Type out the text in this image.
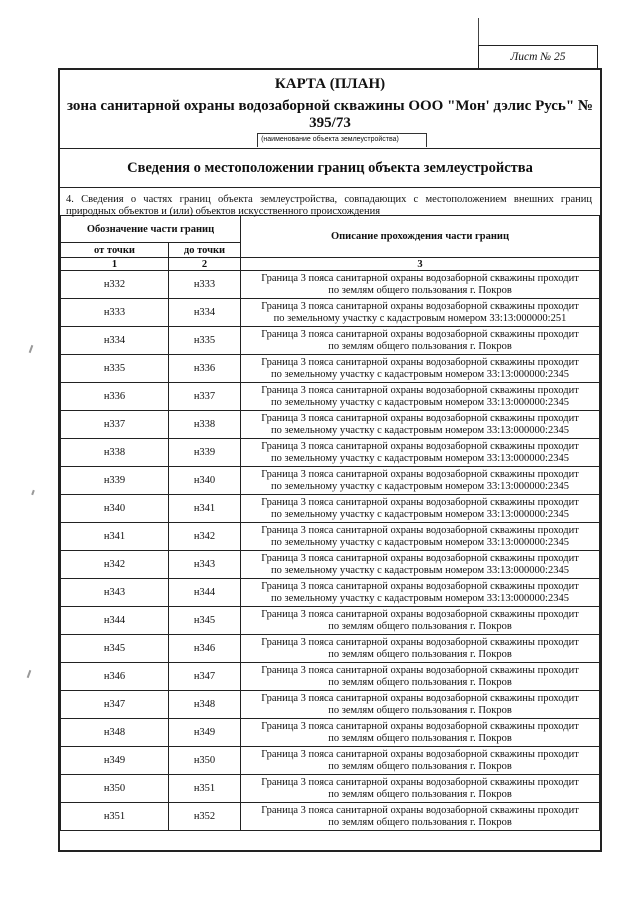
Лист № 25
КАРТА (ПЛАН)
зона санитарной охраны водозаборной скважины ООО "Мон' дэлис Русь" № 395/73
(наименование объекта землеустройства)
Сведения о местоположении границ объекта землеустройства
4. Сведения о частях границ объекта землеустройства, совпадающих с местоположением внешних границ природных объектов и (или) объектов искусственного происхождения
Обозначение части границ		Описание прохождения части границ
от точки	до точки	
1	2	3
н332	н333	Граница 3 пояса санитарной охраны водозаборной скважины проходит
по землям общего пользования г. Покров

н333	н334	Граница 3 пояса санитарной охраны водозаборной скважины проходит
по земельному участку с кадастровым номером 33:13:000000:251

н334	н335	Граница 3 пояса санитарной охраны водозаборной скважины проходит
по землям общего пользования г. Покров

н335	н336	Граница 3 пояса санитарной охраны водозаборной скважины проходит
по земельному участку с кадастровым номером 33:13:000000:2345

н336	н337	Граница 3 пояса санитарной охраны водозаборной скважины проходит
по земельному участку с кадастровым номером 33:13:000000:2345

н337	н338	Граница 3 пояса санитарной охраны водозаборной скважины проходит
по земельному участку с кадастровым номером 33:13:000000:2345

н338	н339	Граница 3 пояса санитарной охраны водозаборной скважины проходит
по земельному участку с кадастровым номером 33:13:000000:2345

н339	н340	Граница 3 пояса санитарной охраны водозаборной скважины проходит
по земельному участку с кадастровым номером 33:13:000000:2345

н340	н341	Граница 3 пояса санитарной охраны водозаборной скважины проходит
по земельному участку с кадастровым номером 33:13:000000:2345

н341	н342	Граница 3 пояса санитарной охраны водозаборной скважины проходит
по земельному участку с кадастровым номером 33:13:000000:2345

н342	н343	Граница 3 пояса санитарной охраны водозаборной скважины проходит
по земельному участку с кадастровым номером 33:13:000000:2345

н343	н344	Граница 3 пояса санитарной охраны водозаборной скважины проходит
по земельному участку с кадастровым номером 33:13:000000:2345

н344	н345	Граница 3 пояса санитарной охраны водозаборной скважины проходит
по землям общего пользования г. Покров

н345	н346	Граница 3 пояса санитарной охраны водозаборной скважины проходит
по землям общего пользования г. Покров

н346	н347	Граница 3 пояса санитарной охраны водозаборной скважины проходит
по землям общего пользования г. Покров

н347	н348	Граница 3 пояса санитарной охраны водозаборной скважины проходит
по землям общего пользования г. Покров

н348	н349	Граница 3 пояса санитарной охраны водозаборной скважины проходит
по землям общего пользования г. Покров

н349	н350	Граница 3 пояса санитарной охраны водозаборной скважины проходит
по землям общего пользования г. Покров

н350	н351	Граница 3 пояса санитарной охраны водозаборной скважины проходит
по землям общего пользования г. Покров

н351	н352	Граница 3 пояса санитарной охраны водозаборной скважины проходит
по землям общего пользования г. Покров
